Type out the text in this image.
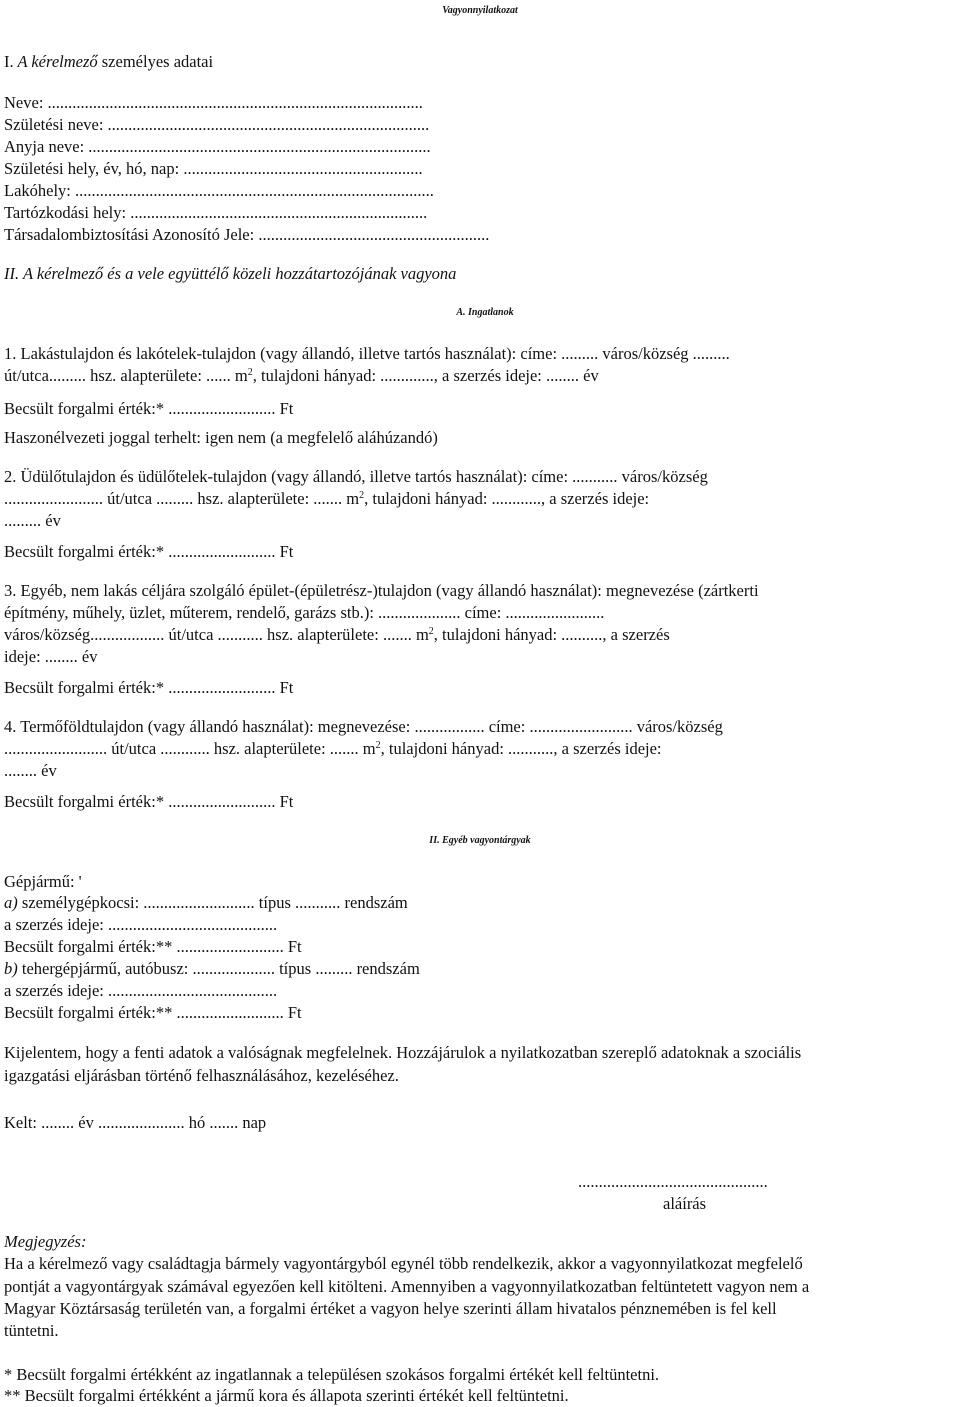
Vagyonnyilatkozat
I. A kérelmező személyes adatai
Neve: ...........................................................................................
Születési neve: ..............................................................................
Anyja neve: ...................................................................................
Születési hely, év, hó, nap: ..........................................................
Lakóhely: .......................................................................................
Tartózkodási hely: ........................................................................
Társadalombiztosítási Azonosító Jele: ........................................................
II. A kérelmező és a vele együttélő közeli hozzátartozójának vagyona
A. Ingatlanok
1. Lakástulajdon és lakótelek-tulajdon (vagy állandó, illetve tartós használat): címe: ......... város/község .........
út/utca......... hsz. alapterülete: ...... $m^2$, tulajdoni hányad: ............., a szerzés ideje: ........ év
Becsült forgalmi érték:* .......................... Ft
Haszonélvezeti joggal terhelt: igen nem (a megfelelő aláhúzandó)
2. Üdülőtulajdon és üdülőtelek-tulajdon (vagy állandó, illetve tartós használat): címe: ........... város/község
........................ út/utca ......... hsz. alapterülete: ....... $m^2$, tulajdoni hányad: ............, a szerzés ideje:
......... év
Becsült forgalmi érték:* .......................... Ft
3. Egyéb, nem lakás céljára szolgáló épület-(épületrész-)tulajdon (vagy állandó használat): megnevezése (zártkerti
építmény, műhely, üzlet, műterem, rendelő, garázs stb.): .................... címe: ........................
város/község.................. út/utca ........... hsz. alapterülete: ....... $m^2$, tulajdoni hányad: .........., a szerzés
ideje: ........ év
Becsült forgalmi érték:* .......................... Ft
4. Termőföldtulajdon (vagy állandó használat): megnevezése: ................. címe: ......................... város/község
......................... út/utca ............ hsz. alapterülete: ....... $m^2$, tulajdoni hányad: ..........., a szerzés ideje:
........ év
Becsült forgalmi érték:* .......................... Ft
II. Egyéb vagyontárgyak
Gépjármű: '
a) személygépkocsi: ........................... típus ........... rendszám
a szerzés ideje: .........................................
Becsült forgalmi érték:** .......................... Ft
b) tehergépjármű, autóbusz: .................... típus ......... rendszám
a szerzés ideje: .........................................
Becsült forgalmi érték:** .......................... Ft
Kijelentem, hogy a fenti adatok a valóságnak megfelelnek. Hozzájárulok a nyilatkozatban szereplő adatoknak a szociális
igazgatási eljárásban történő felhasználásához, kezeléséhez.
Kelt: ........ év ..................... hó ....... nap
..............................................
aláírás
Megjegyzés:
Ha a kérelmező vagy családtagja bármely vagyontárgyból egynél több rendelkezik, akkor a vagyonnyilatkozat megfelelő
pontját a vagyontárgyak számával egyezően kell kitölteni. Amennyiben a vagyonnyilatkozatban feltüntetett vagyon nem a
Magyar Köztársaság területén van, a forgalmi értéket a vagyon helye szerinti állam hivatalos pénznemében is fel kell
tüntetni.
* Becsült forgalmi értékként az ingatlannak a településen szokásos forgalmi értékét kell feltüntetni.
** Becsült forgalmi értékként a jármű kora és állapota szerinti értékét kell feltüntetni.
